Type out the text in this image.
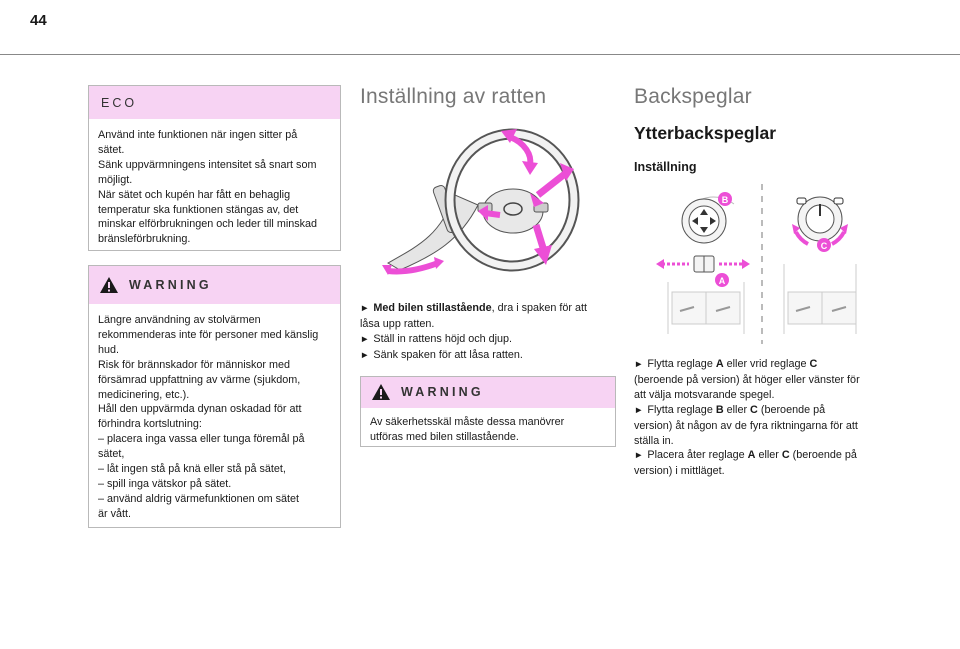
44
ECO

Använd inte funktionen när ingen sitter på
sätet.
Sänk uppvärmningens intensitet så snart som
möjligt.
När sätet och kupén har fått en behaglig
temperatur ska funktionen stängas av, det
minskar elförbrukningen och leder till minskad
bränsleförbrukning.

WARNING

Längre användning av stolvärmen
rekommenderas inte för personer med känslig
hud.
Risk för brännskador för människor med
försämrad uppfattning av värme (sjukdom,
medicinering, etc.).
Håll den uppvärmda dynan oskadad för att
förhindra kortslutning:
– placera inga vassa eller tunga föremål på
sätet,
– låt ingen stå på knä eller stå på sätet,
– spill inga vätskor på sätet.
– använd aldrig värmefunktionen om sätet
är vått.

Inställning av ratten

► Med bilen stillastående, dra i spaken för att
låsa upp ratten.

► Ställ in rattens höjd och djup.

► Sänk spaken för att låsa ratten.

WARNING

Av säkerhetsskäl måste dessa manövrer
utföras med bilen stillastående.

Backspeglar
Ytterbackspeglar
Inställning
B
A
C

► Flytta reglage A eller vrid reglage C
(beroende på version) åt höger eller vänster för
att välja motsvarande spegel.

► Flytta reglage B eller C (beroende på
version) åt någon av de fyra riktningarna för att
ställa in.

► Placera åter reglage A eller C (beroende på
version) i mittläget.
